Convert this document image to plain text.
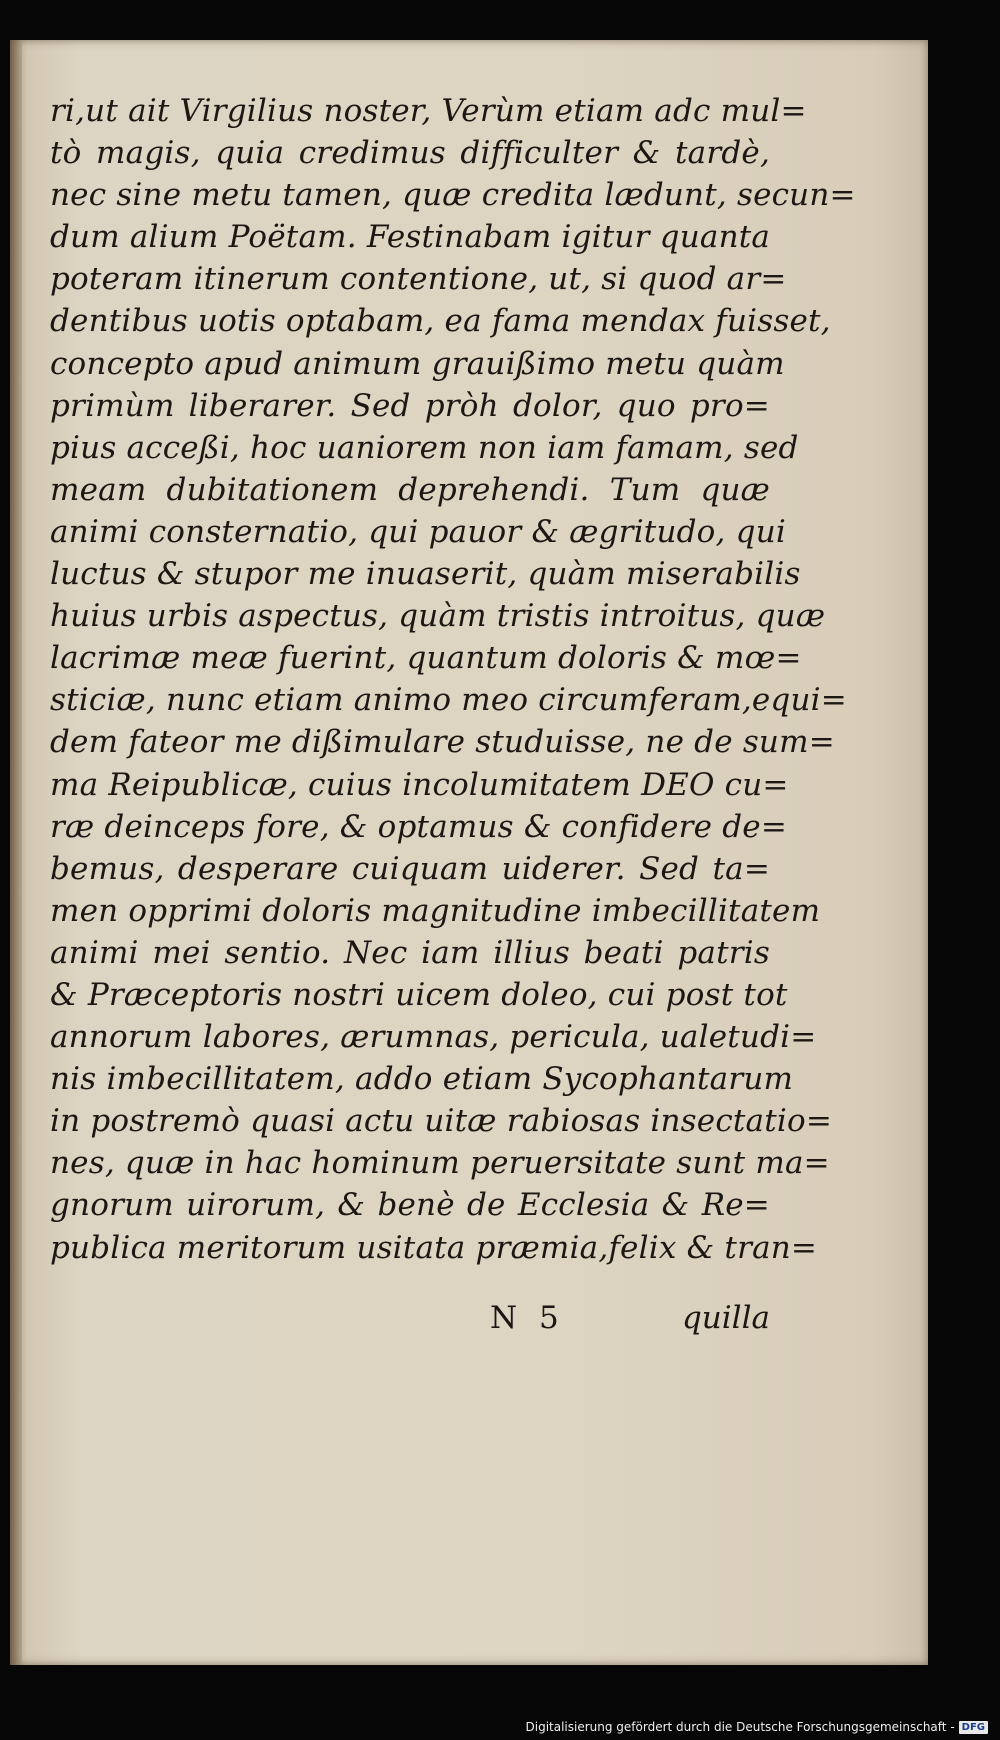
ri,ut ait Virgilius noster, Verùm etiam adc mul=
tò magis, quia credimus difficulter & tardè,
nec sine metu tamen, quæ credita lædunt, secun=
dum alium Poëtam. Festinabam igitur quanta
poteram itinerum contentione, ut, si quod ar=
dentibus uotis optabam, ea fama mendax fuisset,
concepto apud animum grauißimo metu quàm
primùm liberarer. Sed pròh dolor, quo pro=
pius acceßi, hoc uaniorem non iam famam, sed
meam dubitationem deprehendi. Tum quæ
animi consternatio, qui pauor & ægritudo, qui
luctus & stupor me inuaserit, quàm miserabilis
huius urbis aspectus, quàm tristis introitus, quæ
lacrimæ meæ fuerint, quantum doloris & mœ=
sticiæ, nunc etiam animo meo circumferam,equi=
dem fateor me dißimulare studuisse, ne de sum=
ma Reipublicæ, cuius incolumitatem DEO cu=
ræ deinceps fore, & optamus & confidere de=
bemus, desperare cuiquam uiderer. Sed ta=
men opprimi doloris magnitudine imbecillitatem
animi mei sentio. Nec iam illius beati patris
& Præceptoris nostri uicem doleo, cui post tot
annorum labores, ærumnas, pericula, ualetudi=
nis imbecillitatem, addo etiam Sycophantarum
in postremò quasi actu uitæ rabiosas insectatio=
nes, quæ in hac hominum peruersitate sunt ma=
gnorum uirorum, & benè de Ecclesia & Re=
publica meritorum usitata præmia,felix & tran=
N 5	quilla
Digitalisierung gefördert durch die Deutsche Forschungsgemeinschaft - DFG
